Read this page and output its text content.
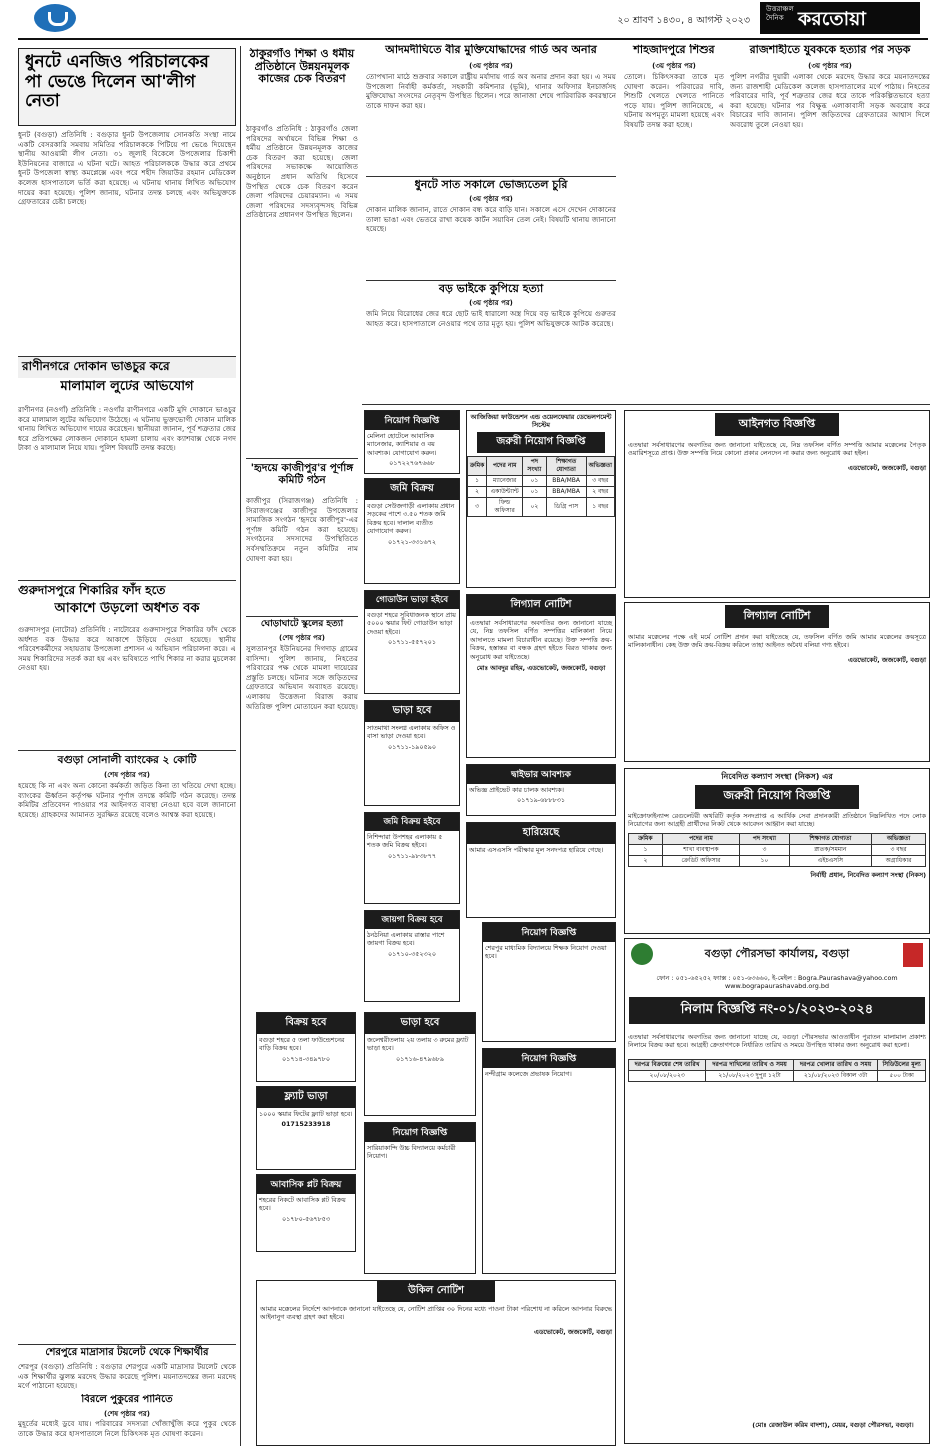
২০ শ্রাবণ ১৪৩০, ৪ আগস্ট ২০২৩
উত্তরাঞ্চল দৈনিক করতোয়া
ধুনটে এনজিও পরিচালকের পা ভেঙে দিলেন আ'লীগ নেতা
ধুনট (বগুড়া) প্রতিনিধি : বগুড়ার ধুনট উপজেলায় সোনকতি সংস্থা নামে একটি বেসরকারি সমবায় সমিতির পরিচালককে পিটিয়ে পা ভেঙে দিয়েছেন স্থানীয় আওয়ামী লীগ নেতা। ৩১ জুলাই বিকেলে উপজেলার চিকাশী ইউনিয়নের বাজারে এ ঘটনা ঘটে। আহত পরিচালককে উদ্ধার করে প্রথমে ধুনট উপজেলা স্বাস্থ্য কমপ্লেক্সে এবং পরে শহীদ জিয়াউর রহমান মেডিকেল কলেজ হাসপাতালে ভর্তি করা হয়েছে। এ ঘটনায় থানায় লিখিত অভিযোগ দায়ের করা হয়েছে। পুলিশ জানায়, ঘটনার তদন্ত চলছে এবং অভিযুক্তকে গ্রেফতারের চেষ্টা চলছে।
রাণীনগরে দোকান ভাঙচুর করে
মালামাল লুটের অভিযোগ
রাণীনগর (নওগাঁ) প্রতিনিধি : নওগাঁর রাণীনগরে একটি মুদি দোকানে ভাঙচুর করে মালামাল লুটের অভিযোগ উঠেছে। এ ঘটনায় ভুক্তভোগী দোকান মালিক থানায় লিখিত অভিযোগ দায়ের করেছেন। স্থানীয়রা জানান, পূর্ব শত্রুতার জের ধরে প্রতিপক্ষের লোকজন দোকানে হামলা চালায় এবং ক্যাশবাক্স থেকে নগদ টাকা ও মালামাল নিয়ে যায়। পুলিশ বিষয়টি তদন্ত করছে।
গুরুদাসপুরে শিকারির ফাঁদ হতে
আকাশে উড়লো অর্ধশত বক
গুরুদাসপুর (নাটোর) প্রতিনিধি : নাটোরের গুরুদাসপুরে শিকারির ফাঁদ থেকে অর্ধশত বক উদ্ধার করে আকাশে উড়িয়ে দেওয়া হয়েছে। স্থানীয় পরিবেশকর্মীদের সহায়তায় উপজেলা প্রশাসন এ অভিযান পরিচালনা করে। এ সময় শিকারিদের সতর্ক করা হয় এবং ভবিষ্যতে পাখি শিকার না করার মুচলেকা নেওয়া হয়।
বগুড়া সোনালী ব্যাংকের ২ কোটি
(শেষ পৃষ্ঠার পর)
হয়েছে কি না এবং অন্য কোনো কর্মকর্তা জড়িত কিনা তা খতিয়ে দেখা হচ্ছে। ব্যাংকের ঊর্ধ্বতন কর্তৃপক্ষ ঘটনার পূর্ণাঙ্গ তদন্তে কমিটি গঠন করেছে। তদন্ত কমিটির প্রতিবেদন পাওয়ার পর আইনগত ব্যবস্থা নেওয়া হবে বলে জানানো হয়েছে। গ্রাহকদের আমানত সুরক্ষিত রয়েছে বলেও আশ্বস্ত করা হয়েছে।
শেরপুরে মাদ্রাসার টয়লেট থেকে শিক্ষার্থীর
শেরপুর (বগুড়া) প্রতিনিধি : বগুড়ার শেরপুরে একটি মাদ্রাসার টয়লেট থেকে এক শিক্ষার্থীর ঝুলন্ত মরদেহ উদ্ধার করেছে পুলিশ। ময়নাতদন্তের জন্য মরদেহ মর্গে পাঠানো হয়েছে।
বিরলে পুকুরের পানিতে
(শেষ পৃষ্ঠার পর)
মুহূর্তের মধ্যেই ডুবে যায়। পরিবারের সদস্যরা খোঁজাখুঁজি করে পুকুর থেকে তাকে উদ্ধার করে হাসপাতালে নিলে চিকিৎসক মৃত ঘোষণা করেন।
ঠাকুরগাঁও শিক্ষা ও ধর্মীয় প্রতিষ্ঠানে উন্নয়নমূলক কাজের চেক বিতরণ
ঠাকুরগাঁও প্রতিনিধি : ঠাকুরগাঁও জেলা পরিষদের অর্থায়নে বিভিন্ন শিক্ষা ও ধর্মীয় প্রতিষ্ঠানে উন্নয়নমূলক কাজের চেক বিতরণ করা হয়েছে। জেলা পরিষদের সভাকক্ষে আয়োজিত অনুষ্ঠানে প্রধান অতিথি হিসেবে উপস্থিত থেকে চেক বিতরণ করেন জেলা পরিষদের চেয়ারম্যান। এ সময় জেলা পরিষদের সদস্যবৃন্দসহ বিভিন্ন প্রতিষ্ঠানের প্রধানগণ উপস্থিত ছিলেন।
'হৃদয়ে কাজীপুর'র পূর্ণাঙ্গ কমিটি গঠন
কাজীপুর (সিরাজগঞ্জ) প্রতিনিধি : সিরাজগঞ্জের কাজীপুর উপজেলার সামাজিক সংগঠন 'হৃদয়ে কাজীপুর'-এর পূর্ণাঙ্গ কমিটি গঠন করা হয়েছে। সংগঠনের সদস্যদের উপস্থিতিতে সর্বসম্মতিক্রমে নতুন কমিটির নাম ঘোষণা করা হয়।
ঘোড়াঘাটে স্কুলের হত্যা
(শেষ পৃষ্ঠার পর)
সুলতানপুর ইউনিয়নের দিগদাড় গ্রামের বাসিন্দা। পুলিশ জানায়, নিহতের পরিবারের পক্ষ থেকে মামলা দায়েরের প্রস্তুতি চলছে। ঘটনার সঙ্গে জড়িতদের গ্রেফতারে অভিযান অব্যাহত রয়েছে। এলাকায় উত্তেজনা বিরাজ করায় অতিরিক্ত পুলিশ মোতায়েন করা হয়েছে।
বিক্রয় হবে
বগুড়া শহরে ৫ তলা ফাউন্ডেশনের বাড়ি বিক্রয় হবে।
০১৭১৪-৩৪৯৭৮০
ফ্ল্যাট ভাড়া
১০০০ স্কয়ার ফিটের ফ্ল্যাট ভাড়া হবে।
01715233918
আবাসিক প্লট বিক্রয়
শহরের নিকটে আবাসিক প্লট বিক্রয় হবে।
০১৭৮০-৫৬৭৮৫৩
আদমদীঘিতে বীর মুক্তিযোদ্ধাদের গার্ড অব অনার
(৩য় পৃষ্ঠার পর)
তোপখানা মাঠে শুক্রবার সকালে রাষ্ট্রীয় মর্যাদায় গার্ড অব অনার প্রদান করা হয়। এ সময় উপজেলা নির্বাহী কর্মকর্তা, সহকারী কমিশনার (ভূমি), থানার অফিসার ইনচার্জসহ মুক্তিযোদ্ধা সংসদের নেতৃবৃন্দ উপস্থিত ছিলেন। পরে জানাজা শেষে পারিবারিক কবরস্থানে তাকে দাফন করা হয়।
ধুনটে সাত সকালে ভোজ্যতেল চুরি
(৩য় পৃষ্ঠার পর)
দোকান মালিক জানান, রাতে দোকান বন্ধ করে বাড়ি যান। সকালে এসে দেখেন দোকানের তালা ভাঙা এবং ভেতরে রাখা কয়েক কার্টন সয়াবিন তেল নেই। বিষয়টি থানায় জানানো হয়েছে।
বড় ভাইকে কুপিয়ে হত্যা
(৩য় পৃষ্ঠার পর)
জমি নিয়ে বিরোধের জের ধরে ছোট ভাই ধারালো অস্ত্র দিয়ে বড় ভাইকে কুপিয়ে গুরুতর আহত করে। হাসপাতালে নেওয়ার পথে তার মৃত্যু হয়। পুলিশ অভিযুক্তকে আটক করেছে।
শাহজাদপুরে শিশুর
(৩য় পৃষ্ঠার পর)
তোলে। চিকিৎসকরা তাকে মৃত ঘোষণা করেন। পরিবারের দাবি, শিশুটি খেলতে খেলতে পানিতে পড়ে যায়। পুলিশ জানিয়েছে, এ ঘটনায় অপমৃত্যু মামলা হয়েছে এবং বিষয়টি তদন্ত করা হচ্ছে।
রাজশাহীতে যুবককে হত্যার পর সড়ক
(৩য় পৃষ্ঠার পর)
পুলিশ নগরীর দুয়ারী এলাকা থেকে মরদেহ উদ্ধার করে ময়নাতদন্তের জন্য রাজশাহী মেডিকেল কলেজ হাসপাতালের মর্গে পাঠায়। নিহতের পরিবারের দাবি, পূর্ব শত্রুতার জের ধরে তাকে পরিকল্পিতভাবে হত্যা করা হয়েছে। ঘটনার পর বিক্ষুব্ধ এলাকাবাসী সড়ক অবরোধ করে বিচারের দাবি জানান। পুলিশ জড়িতদের গ্রেফতারের আশ্বাস দিলে অবরোধ তুলে নেওয়া হয়।
নিয়োগ বিজ্ঞপ্তি
মেলিনা হোটেলে আবাসিক ম্যানেজার, ক্যাশিয়ার ও বয় আবশ্যক। যোগাযোগ করুন।
০১৭২২৭৬৭৬৬৮
জমি বিক্রয়
বগুড়া সেউজগাড়ী এলাকায় প্রধান সড়কের পাশে ৩.৫০ শতক জমি বিক্রয় হবে। দালাল ব্যতীত যোগাযোগ করুন।
০১৭২১-৩৩১৬৭২
গোডাউন ভাড়া হইবে
বগুড়া শহরে সুবিধাজনক স্থানে প্রায় ৫০০০ স্কয়ার ফিট গোডাউন ভাড়া দেওয়া হইবে।
০১৭১১-৫৫৭২০১
ভাড়া হবে
সাতমাথা সংলগ্ন এলাকায় অফিস ও বাসা ভাড়া দেওয়া হবে।
০১৭১১-১৯০৫৯০
জমি বিক্রয় হইবে
নিশিন্দারা উপশহর এলাকায় ৫ শতক জমি বিক্রয় হইবে।
০১৭১১-৯৮৩৮৭৭
জায়গা বিক্রয় হবে
ঠনঠনিয়া এলাকায় রাস্তার পাশে জায়গা বিক্রয় হবে।
০১৭১০-৩৫২৩২০
ভাড়া হবে
জলেশ্বরীতলায় ২য় তলায় ৩ রুমের ফ্ল্যাট ভাড়া হবে।
০১৭১৬-৪৭৯৬৮৯
নিয়োগ বিজ্ঞপ্তি
সারিয়াকান্দি উচ্চ বিদ্যালয়ে কর্মচারী নিয়োগ।
আজিজিয়া ফাউন্ডেশন এন্ড ওয়েলফেয়ার ডেভেলপমেন্ট সিস্টেম
জরুরী নিয়োগ বিজ্ঞপ্তি
ক্রমিক	পদের নাম	পদ সংখ্যা	শিক্ষাগত যোগ্যতা	অভিজ্ঞতা
১	ম্যানেজার	০১	BBA/MBA	৩ বছর
২	একাউন্ট্যান্ট	০১	BBA/MBA	২ বছর
৩	ফিল্ড অফিসার	০২	ডিগ্রি পাস	১ বছর
লিগ্যাল নোটিশ
এতদ্বারা সর্বসাধারণের অবগতির জন্য জানানো যাচ্ছে যে, নিম্ন তফসিল বর্ণিত সম্পত্তির মালিকানা নিয়ে আদালতে মামলা বিচারাধীন রয়েছে। উক্ত সম্পত্তি ক্রয়-বিক্রয়, হস্তান্তর বা বন্ধক গ্রহণ হইতে বিরত থাকার জন্য অনুরোধ করা যাইতেছে।
মোঃ আবদুর রহিম, এডভোকেট, জজকোর্ট, বগুড়া
দ্বাইভার আবশ্যক
অভিজ্ঞ প্রাইভেট কার চালক আবশ্যক।
০১৭১৯-৬৮৮৮৩১
হারিয়েছে
আমার এসএসসি পরীক্ষার মূল সনদপত্র হারিয়ে গেছে।
নিয়োগ বিজ্ঞপ্তি
শেরপুর মাধ্যমিক বিদ্যালয়ে শিক্ষক নিয়োগ দেওয়া হবে।
নিয়োগ বিজ্ঞপ্তি
নন্দীগ্রাম কলেজে প্রভাষক নিয়োগ।
উকিল নোটিশ
আমার মক্কেলের নির্দেশে আপনাকে জানানো যাইতেছে যে, নোটিশ প্রাপ্তির ৩০ দিনের মধ্যে পাওনা টাকা পরিশোধ না করিলে আপনার বিরুদ্ধে আইনানুগ ব্যবস্থা গ্রহণ করা হইবে।
এডভোকেট, জজকোর্ট, বগুড়া
আইনগত বিজ্ঞপ্তি
এতদ্বারা সর্বসাধারণের অবগতির জন্য জানানো যাইতেছে যে, নিম্ন তফসিল বর্ণিত সম্পত্তি আমার মক্কেলের পৈতৃক ওয়ারিশসূত্রে প্রাপ্ত। উক্ত সম্পত্তি নিয়ে কোনো প্রকার লেনদেন না করার জন্য অনুরোধ করা হইল।
এডভোকেট, জজকোর্ট, বগুড়া
লিগ্যাল নোটিশ
আমার মক্কেলের পক্ষে এই মর্মে নোটিশ প্রদান করা যাইতেছে যে, তফসিল বর্ণিত জমি আমার মক্কেলের ক্রয়সূত্রে মালিকানাধীন। কেহ উক্ত জমি ক্রয়-বিক্রয় করিলে তাহা আইনত অবৈধ বলিয়া গণ্য হইবে।
এডভোকেট, জজকোর্ট, বগুড়া
নিবেদিত কল্যাণ সংস্থা (নিকস) এর
জরুরী নিয়োগ বিজ্ঞপ্তি
মাইক্রোফাইন্যান্স রেগুলেটরী অথরিটি কর্তৃক সনদপ্রাপ্ত এ আর্থিক সেবা প্রদানকারী প্রতিষ্ঠানে নিম্নলিখিত পদে লোক নিয়োগের জন্য আগ্রহী প্রার্থীদের নিকট থেকে আবেদন আহ্বান করা যাচ্ছে।
ক্রমিক	পদের নাম	পদ সংখ্যা	শিক্ষাগত যোগ্যতা	অভিজ্ঞতা
১	শাখা ব্যবস্থাপক	৩	স্নাতক/সমমান	৩ বছর
২	ক্রেডিট অফিসার	১০	এইচএসসি	অগ্রাধিকার
নির্বাহী প্রধান, নিবেদিত কল্যাণ সংস্থা (নিকস)
বগুড়া পৌরসভা কার্যালয়, বগুড়া
ফোন : ০৫১-৬৫২৫২ ফ্যাক্স : ০৫১-৬৩৬৬০, ই-মেইল : Bogra.Paurashava@yahoo.com
www.bograpaurashavabd.org.bd
নিলাম বিজ্ঞপ্তি নং-০১/২০২৩-২০২৪
এতদ্বারা সর্বসাধারণের অবগতির জন্য জানানো যাচ্ছে যে, বগুড়া পৌরসভার আওতাধীন পুরাতন মালামাল প্রকাশ্য নিলামে বিক্রয় করা হবে। আগ্রহী ক্রেতাগণকে নির্ধারিত তারিখ ও সময়ে উপস্থিত থাকার জন্য অনুরোধ করা হলো।
দরপত্র বিক্রয়ের শেষ তারিখ	দরপত্র দাখিলের তারিখ ও সময়	দরপত্র খোলার তারিখ ও সময়	সিডিউলের মূল্য
২০/০৮/২০২৩	২১/০৮/২০২৩ দুপুর ১২টা	২১/০৮/২০২৩ বিকাল ৩টা	৫০০ টাকা
(মোঃ রেজাউল করিম বাদশা), মেয়র, বগুড়া পৌরসভা, বগুড়া।
